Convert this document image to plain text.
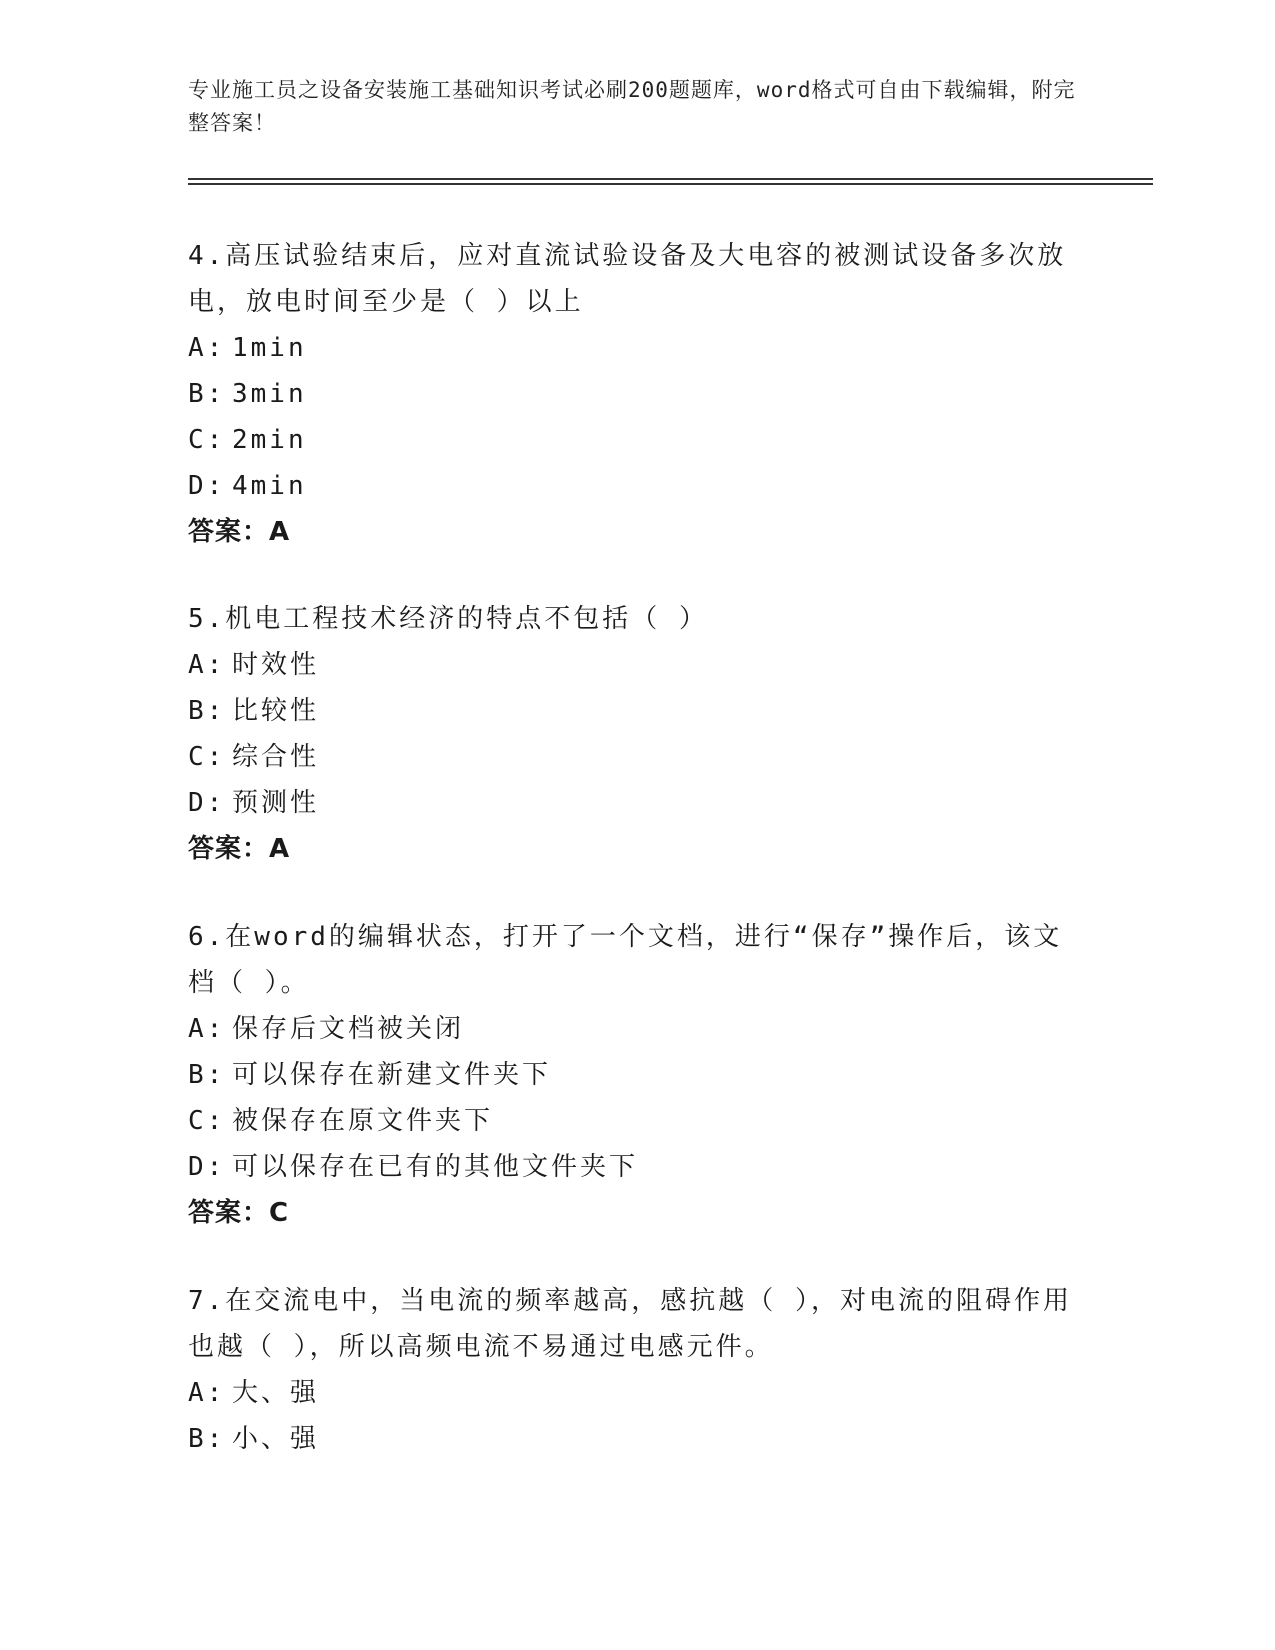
专业施工员之设备安装施工基础知识考试必刷200题题库，word格式可自由下载编辑，附完整答案！

4.高压试验结束后，应对直流试验设备及大电容的被测试设备多次放电，放电时间至少是（ ）以上

A: 1min

B: 3min

C: 2min

D: 4min

答案：A

5.机电工程技术经济的特点不包括（ ）

A: 时效性

B: 比较性

C: 综合性

D: 预测性

答案：A

6.在word的编辑状态，打开了一个文档，进行“保存”操作后，该文档（ ）。

A: 保存后文档被关闭

B: 可以保存在新建文件夹下

C: 被保存在原文件夹下

D: 可以保存在已有的其他文件夹下

答案：C

7.在交流电中，当电流的频率越高，感抗越（ ），对电流的阻碍作用也越（ ），所以高频电流不易通过电感元件。

A: 大、强

B: 小、强
